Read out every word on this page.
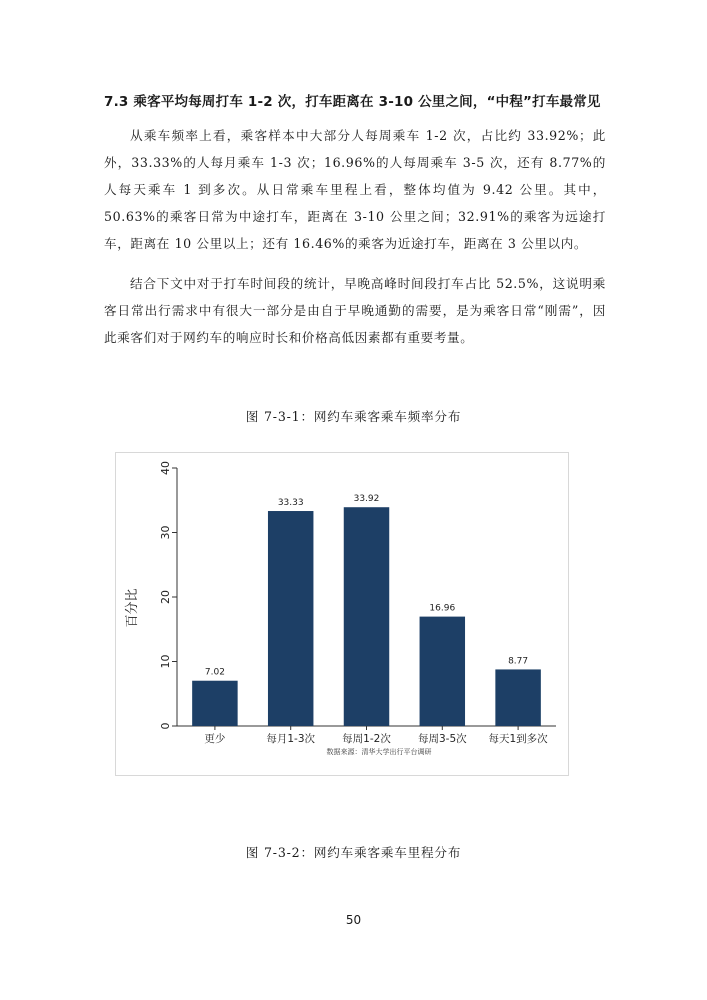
7.3 乘客平均每周打车 1-2 次，打车距离在 3-10 公里之间，“中程”打车最常见
从乘车频率上看，乘客样本中大部分人每周乘车 1-2 次，占比约 33.92%；此外，33.33%的人每月乘车 1-3 次；16.96%的人每周乘车 3-5 次，还有 8.77%的人每天乘车 1 到多次。从日常乘车里程上看，整体均值为 9.42 公里。其中，50.63%的乘客日常为中途打车，距离在 3-10 公里之间；32.91%的乘客为远途打车，距离在 10 公里以上；还有 16.46%的乘客为近途打车，距离在 3 公里以内。
结合下文中对于打车时间段的统计，早晚高峰时间段打车占比 52.5%，这说明乘客日常出行需求中有很大一部分是由自于早晚通勤的需要，是为乘客日常“刚需”，因此乘客们对于网约车的响应时长和价格高低因素都有重要考量。
图 7-3-1：网约车乘客乘车频率分布
0
10
20
30
40
7.02
33.33	33.92
16.96
8.77
更少	每月1-3次	每周1-2次	每周3-5次 每天1到多次
百分比
数据来源：清华大学出行平台调研
图 7-3-2：网约车乘客乘车里程分布
50
